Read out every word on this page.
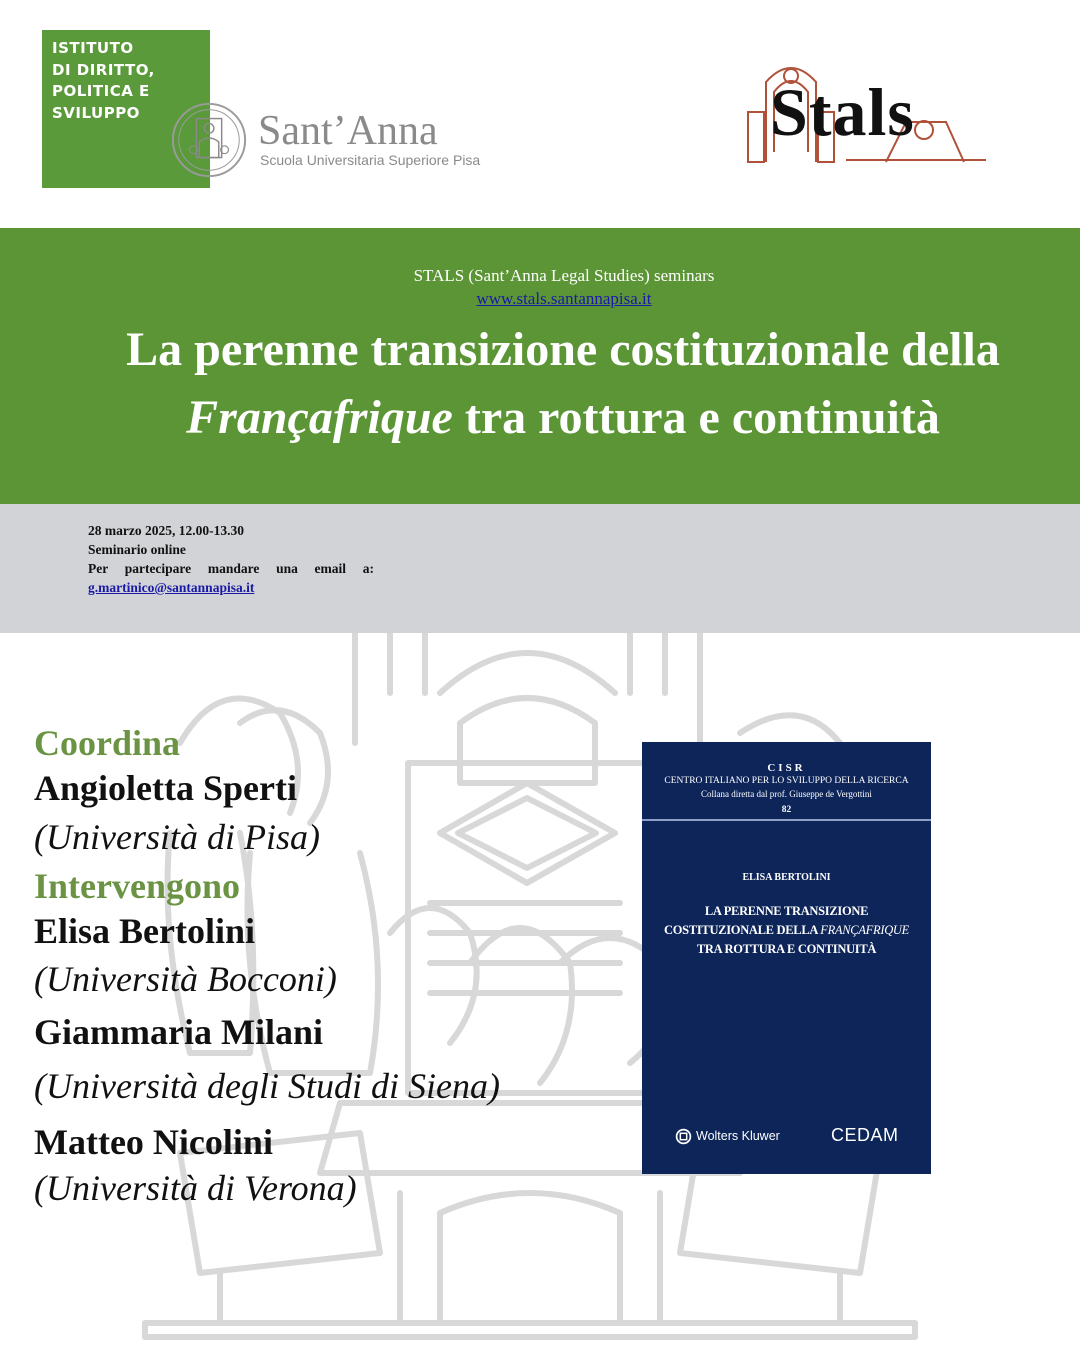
ISTITUTO
DI DIRITTO,
POLITICA E
SVILUPPO	Sant’Anna
Scuola Universitaria Superiore Pisa
Stals
STALS (Sant’Anna Legal Studies) seminars
www.stals.santannapisa.it
La perenne transizione costituzionale della Françafrique tra rottura e continuità
28 marzo 2025, 12.00-13.30
Seminario online
Per partecipare mandare una email a:
g.martinico@santannapisa.it
Coordina
Angioletta Sperti
(Università di Pisa)
Intervengono
Elisa Bertolini
(Università Bocconi)
Giammaria Milani
(Università degli Studi di Siena)
Matteo Nicolini
(Università di Verona)
CISR
CENTRO ITALIANO PER LO SVILUPPO DELLA RICERCA
Collana diretta dal prof. Giuseppe de Vergottini
82
ELISA BERTOLINI
LA PERENNE TRANSIZIONE
COSTITUZIONALE DELLA FRANÇAFRIQUE
TRA ROTTURA E CONTINUITÀ
Wolters Kluwer	CEDAM
